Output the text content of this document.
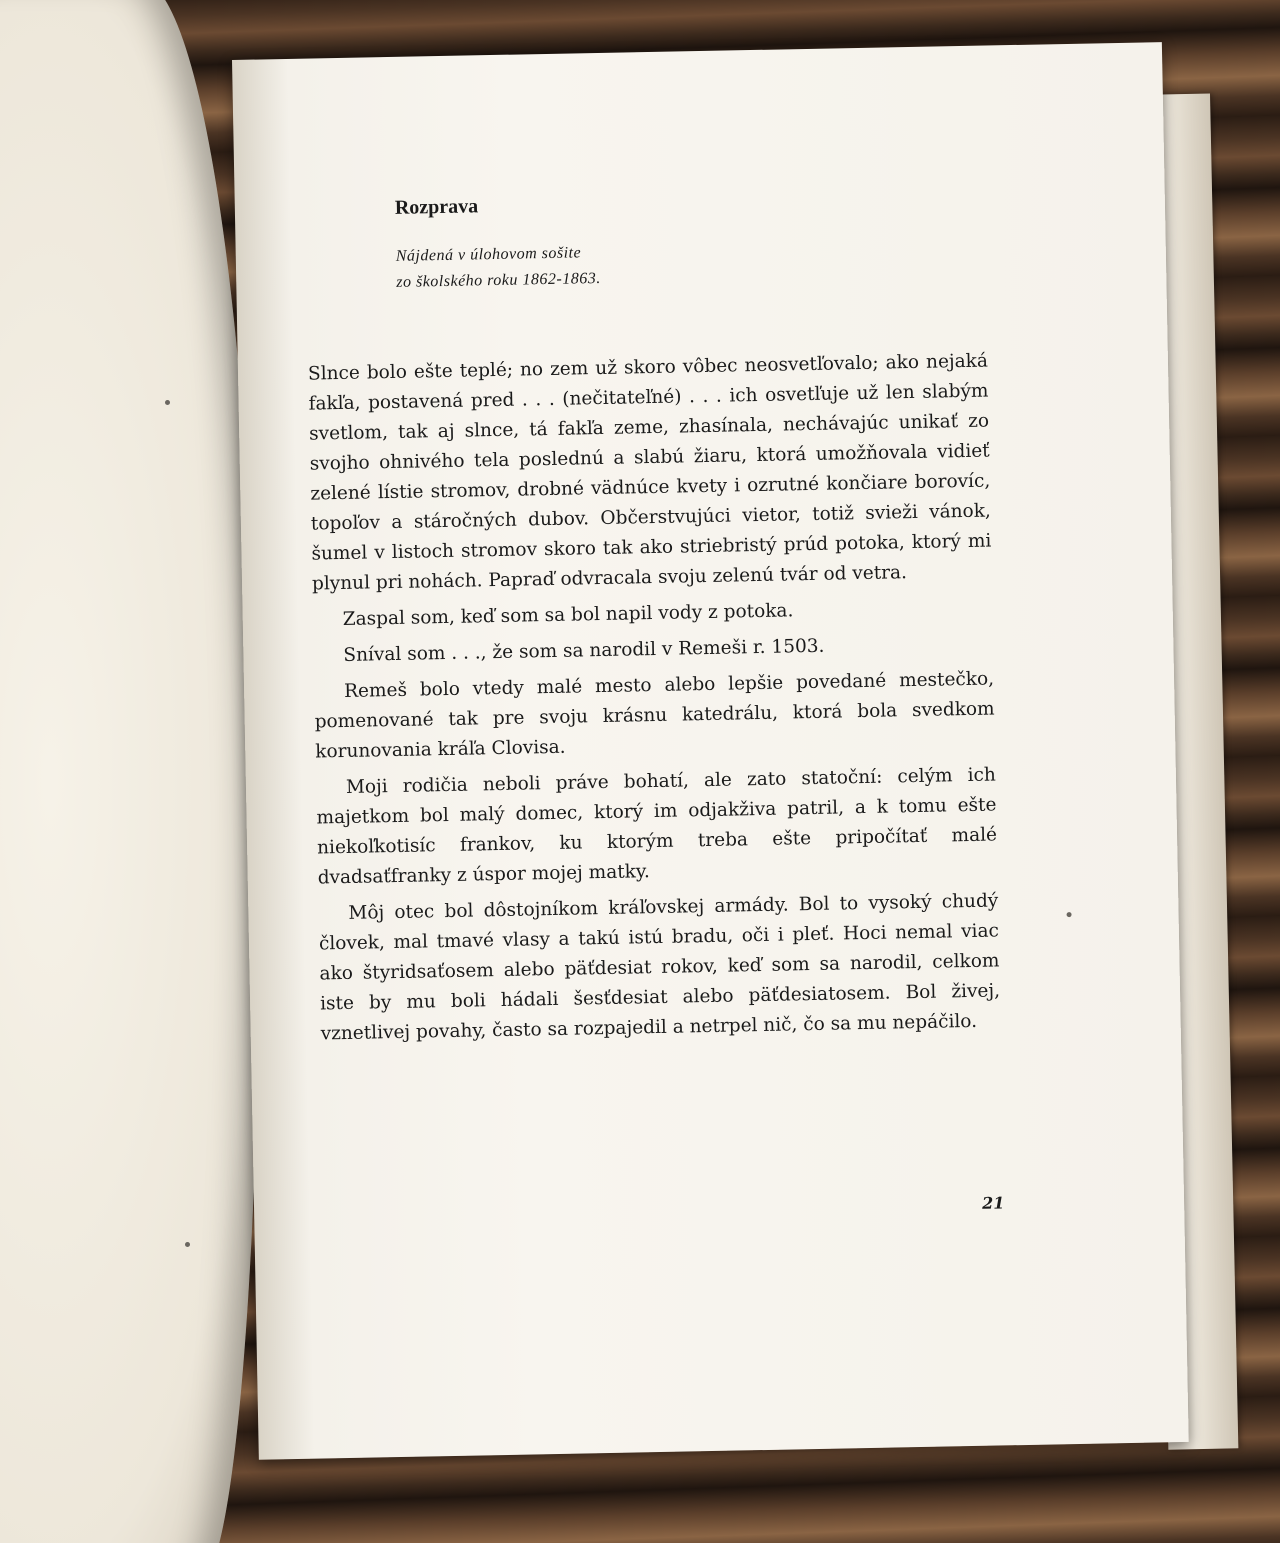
Rozprava
Nájdená v úlohovom sošite
zo školského roku 1862-1863.

Slnce bolo ešte teplé; no zem už skoro vôbec neosvetľovalo; ako nejaká fakľa, postavená pred . . . (nečitateľné) . . . ich osvetľuje už len slabým svetlom, tak aj slnce, tá fakľa zeme, zhasínala, nechávajúc unikať zo svojho ohnivého tela poslednú a slabú žiaru, ktorá umožňovala vidieť zelené lístie stromov, drobné vädnúce kvety i ozrutné končiare borovíc, topoľov a stáročných dubov. Občerstvujúci vietor, totiž svieži vánok, šumel v listoch stromov skoro tak ako striebristý prúd potoka, ktorý mi plynul pri nohách. Papraď odvracala svoju zelenú tvár od vetra.

Zaspal som, keď som sa bol napil vody z potoka.

Sníval som . . ., že som sa narodil v Remeši r. 1503.

Remeš bolo vtedy malé mesto alebo lepšie povedané mestečko, pomenované tak pre svoju krásnu katedrálu, ktorá bola svedkom korunovania kráľa Clovisa.

Moji rodičia neboli práve bohatí, ale zato statoční: celým ich majetkom bol malý domec, ktorý im odjakživa patril, a k tomu ešte niekoľkotisíc frankov, ku ktorým treba ešte pripočítať malé dvadsaťfranky z úspor mojej matky.

Môj otec bol dôstojníkom kráľovskej armády. Bol to vysoký chudý človek, mal tmavé vlasy a takú istú bradu, oči i pleť. Hoci nemal viac ako štyridsaťosem alebo päťdesiat rokov, keď som sa narodil, celkom iste by mu boli hádali šesťdesiat alebo päťdesiatosem. Bol živej, vznetlivej povahy, často sa rozpajedil a netrpel nič, čo sa mu nepáčilo.

21
